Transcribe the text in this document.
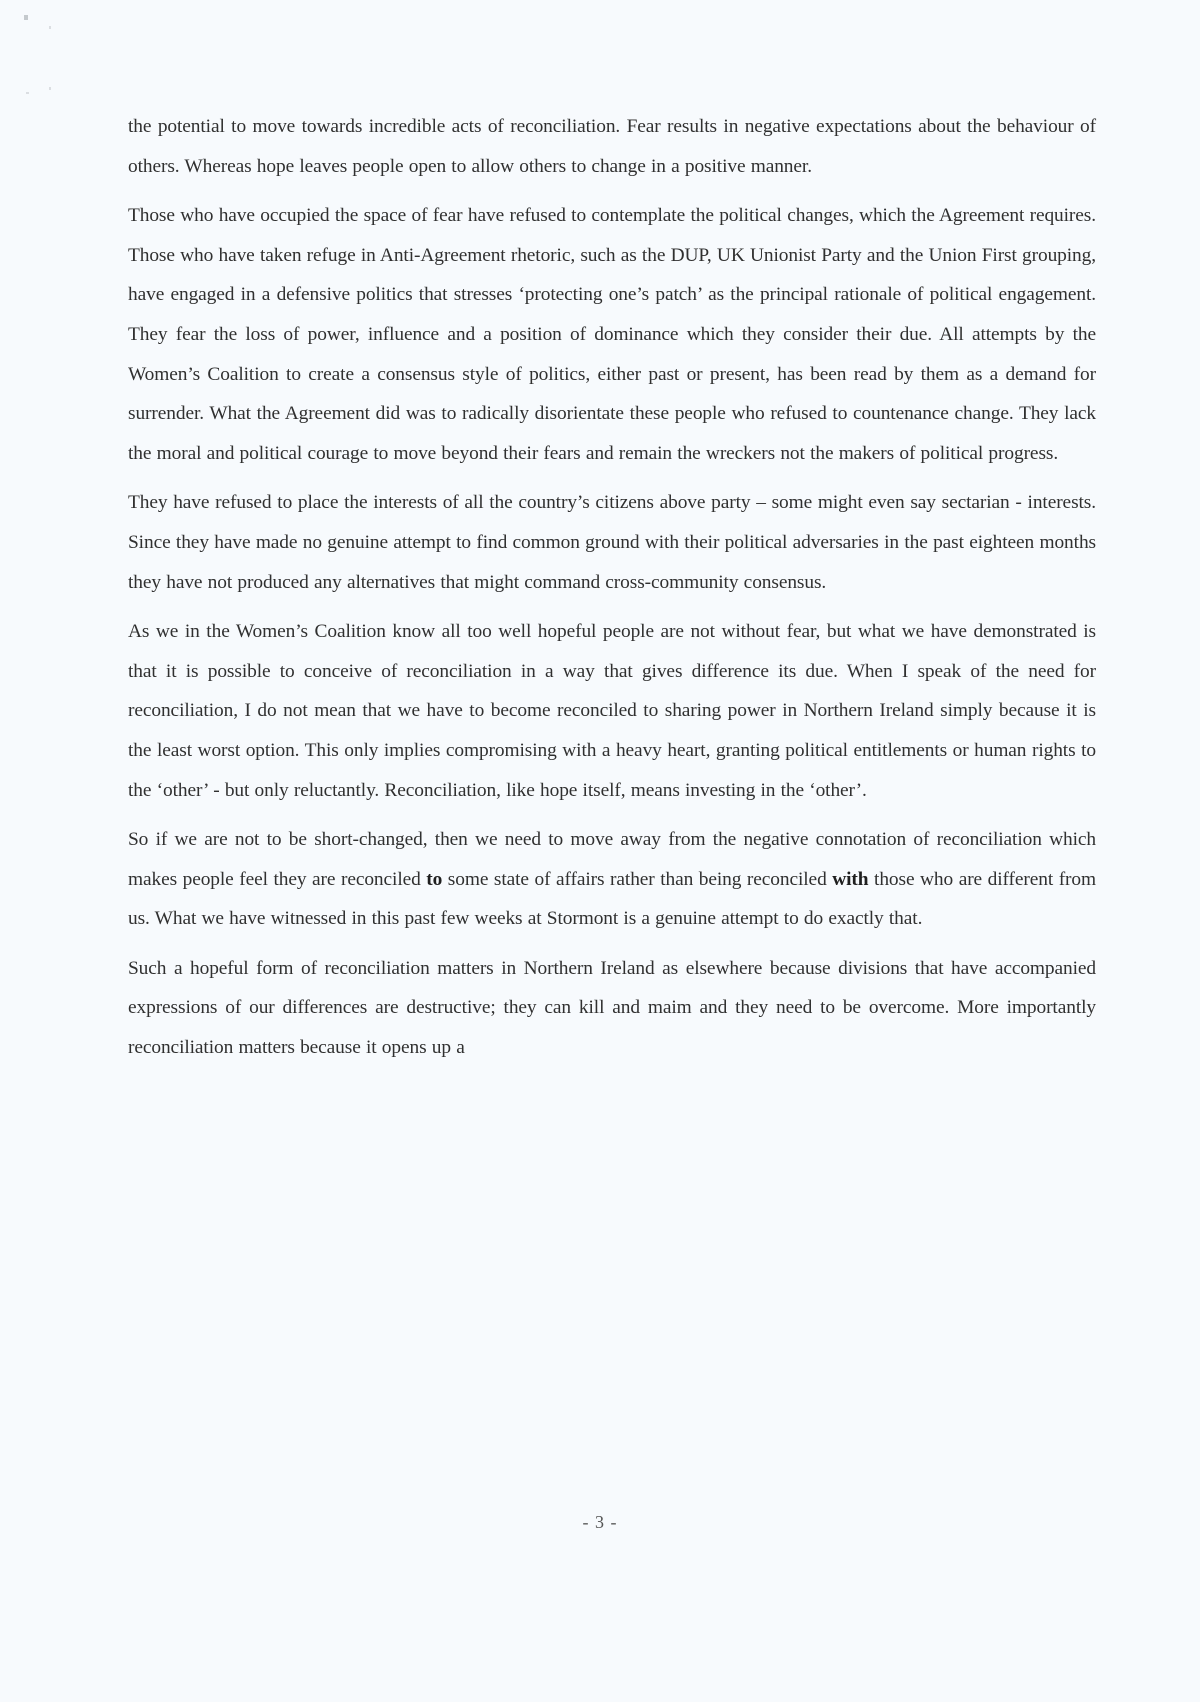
the potential to move towards incredible acts of reconciliation. Fear results in negative expectations about the behaviour of others. Whereas hope leaves people open to allow others to change in a positive manner.

Those who have occupied the space of fear have refused to contemplate the political changes, which the Agreement requires. Those who have taken refuge in Anti-Agreement rhetoric, such as the DUP, UK Unionist Party and the Union First grouping, have engaged in a defensive politics that stresses ‘protecting one’s patch’ as the principal rationale of political engagement. They fear the loss of power, influence and a position of dominance which they consider their due. All attempts by the Women’s Coalition to create a consensus style of politics, either past or present, has been read by them as a demand for surrender. What the Agreement did was to radically disorientate these people who refused to countenance change. They lack the moral and political courage to move beyond their fears and remain the wreckers not the makers of political progress.

They have refused to place the interests of all the country’s citizens above party – some might even say sectarian - interests. Since they have made no genuine attempt to find common ground with their political adversaries in the past eighteen months they have not produced any alternatives that might command cross-community consensus.

As we in the Women’s Coalition know all too well hopeful people are not without fear, but what we have demonstrated is that it is possible to conceive of reconciliation in a way that gives difference its due. When I speak of the need for reconciliation, I do not mean that we have to become reconciled to sharing power in Northern Ireland simply because it is the least worst option. This only implies compromising with a heavy heart, granting political entitlements or human rights to the ‘other’ - but only reluctantly. Reconciliation, like hope itself, means investing in the ‘other’.

So if we are not to be short-changed, then we need to move away from the negative connotation of reconciliation which makes people feel they are reconciled to some state of affairs rather than being reconciled with those who are different from us. What we have witnessed in this past few weeks at Stormont is a genuine attempt to do exactly that.

Such a hopeful form of reconciliation matters in Northern Ireland as elsewhere because divisions that have accompanied expressions of our differences are destructive; they can kill and maim and they need to be overcome. More importantly reconciliation matters because it opens up a

- 3 -
